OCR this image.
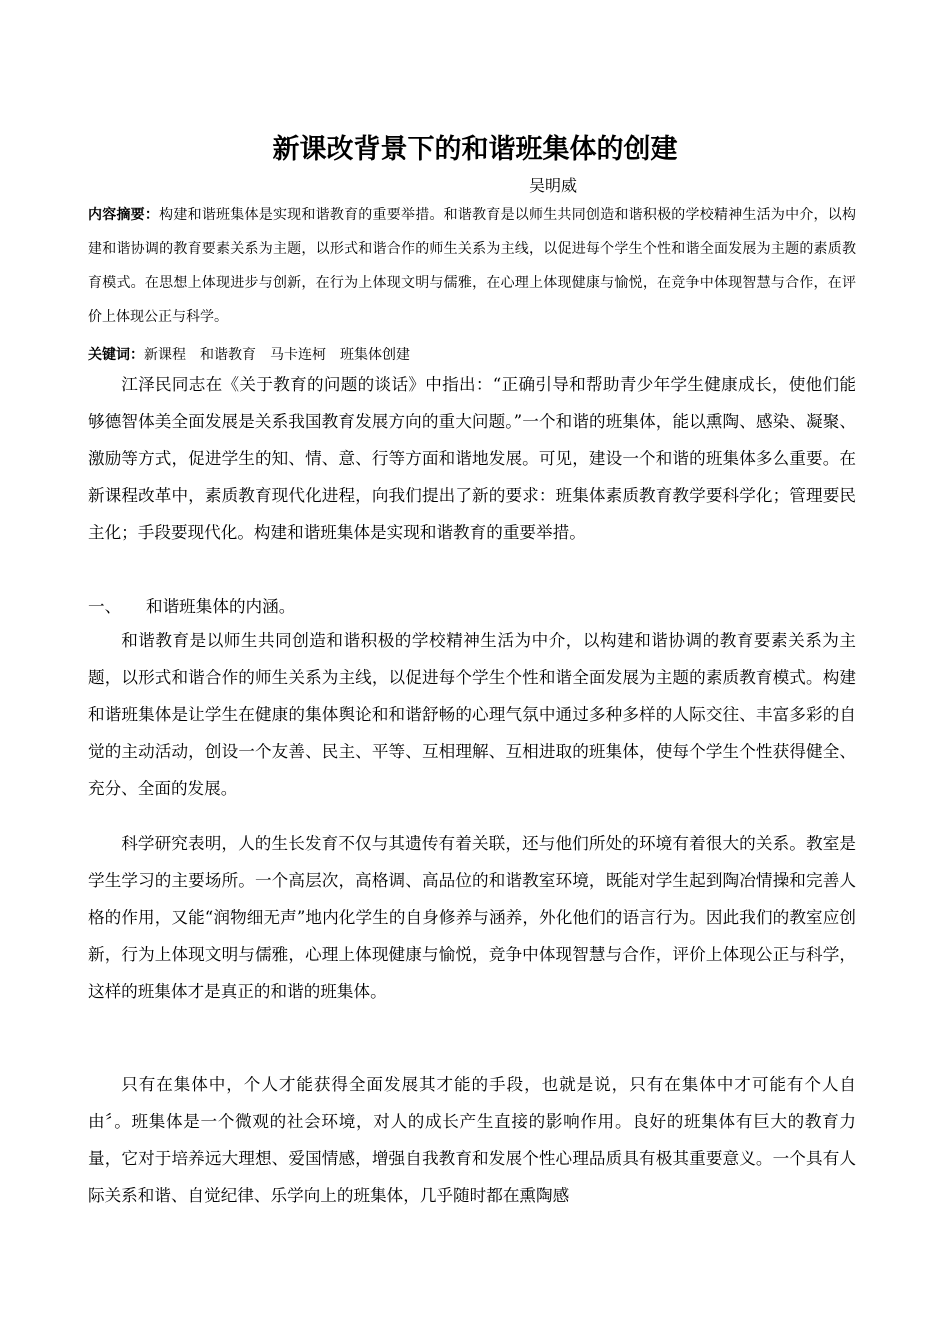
新课改背景下的和谐班集体的创建
吴明威

内容摘要：构建和谐班集体是实现和谐教育的重要举措。和谐教育是以师生共同创造和谐积极的学校精神生活为中介，以构建和谐协调的教育要素关系为主题，以形式和谐合作的师生关系为主线，以促进每个学生个性和谐全面发展为主题的素质教育模式。在思想上体现进步与创新，在行为上体现文明与儒雅，在心理上体现健康与愉悦，在竞争中体现智慧与合作，在评价上体现公正与科学。

关键词：新课程 和谐教育 马卡连柯 班集体创建

江泽民同志在《关于教育的问题的谈话》中指出：“正确引导和帮助青少年学生健康成长，使他们能够德智体美全面发展是关系我国教育发展方向的重大问题。”一个和谐的班集体，能以熏陶、感染、凝聚、激励等方式，促进学生的知、情、意、行等方面和谐地发展。可见，建设一个和谐的班集体多么重要。在新课程改革中，素质教育现代化进程，向我们提出了新的要求：班集体素质教育教学要科学化；管理要民主化；手段要现代化。构建和谐班集体是实现和谐教育的重要举措。

一、 和谐班集体的内涵。

和谐教育是以师生共同创造和谐积极的学校精神生活为中介，以构建和谐协调的教育要素关系为主题，以形式和谐合作的师生关系为主线，以促进每个学生个性和谐全面发展为主题的素质教育模式。构建和谐班集体是让学生在健康的集体舆论和和谐舒畅的心理气氛中通过多种多样的人际交往、丰富多彩的自觉的主动活动，创设一个友善、民主、平等、互相理解、互相进取的班集体，使每个学生个性获得健全、充分、全面的发展。

科学研究表明，人的生长发育不仅与其遗传有着关联，还与他们所处的环境有着很大的关系。教室是学生学习的主要场所。一个高层次，高格调、高品位的和谐教室环境，既能对学生起到陶冶情操和完善人格的作用，又能“润物细无声”地内化学生的自身修养与涵养，外化他们的语言行为。因此我们的教室应创新，行为上体现文明与儒雅，心理上体现健康与愉悦，竞争中体现智慧与合作，评价上体现公正与科学，这样的班集体才是真正的和谐的班集体。

只有在集体中，个人才能获得全面发展其才能的手段，也就是说，只有在集体中才可能有个人自由〞。班集体是一个微观的社会环境，对人的成长产生直接的影响作用。良好的班集体有巨大的教育力量，它对于培养远大理想、爱国情感，增强自我教育和发展个性心理品质具有极其重要意义。一个具有人际关系和谐、自觉纪律、乐学向上的班集体，几乎随时都在熏陶感
